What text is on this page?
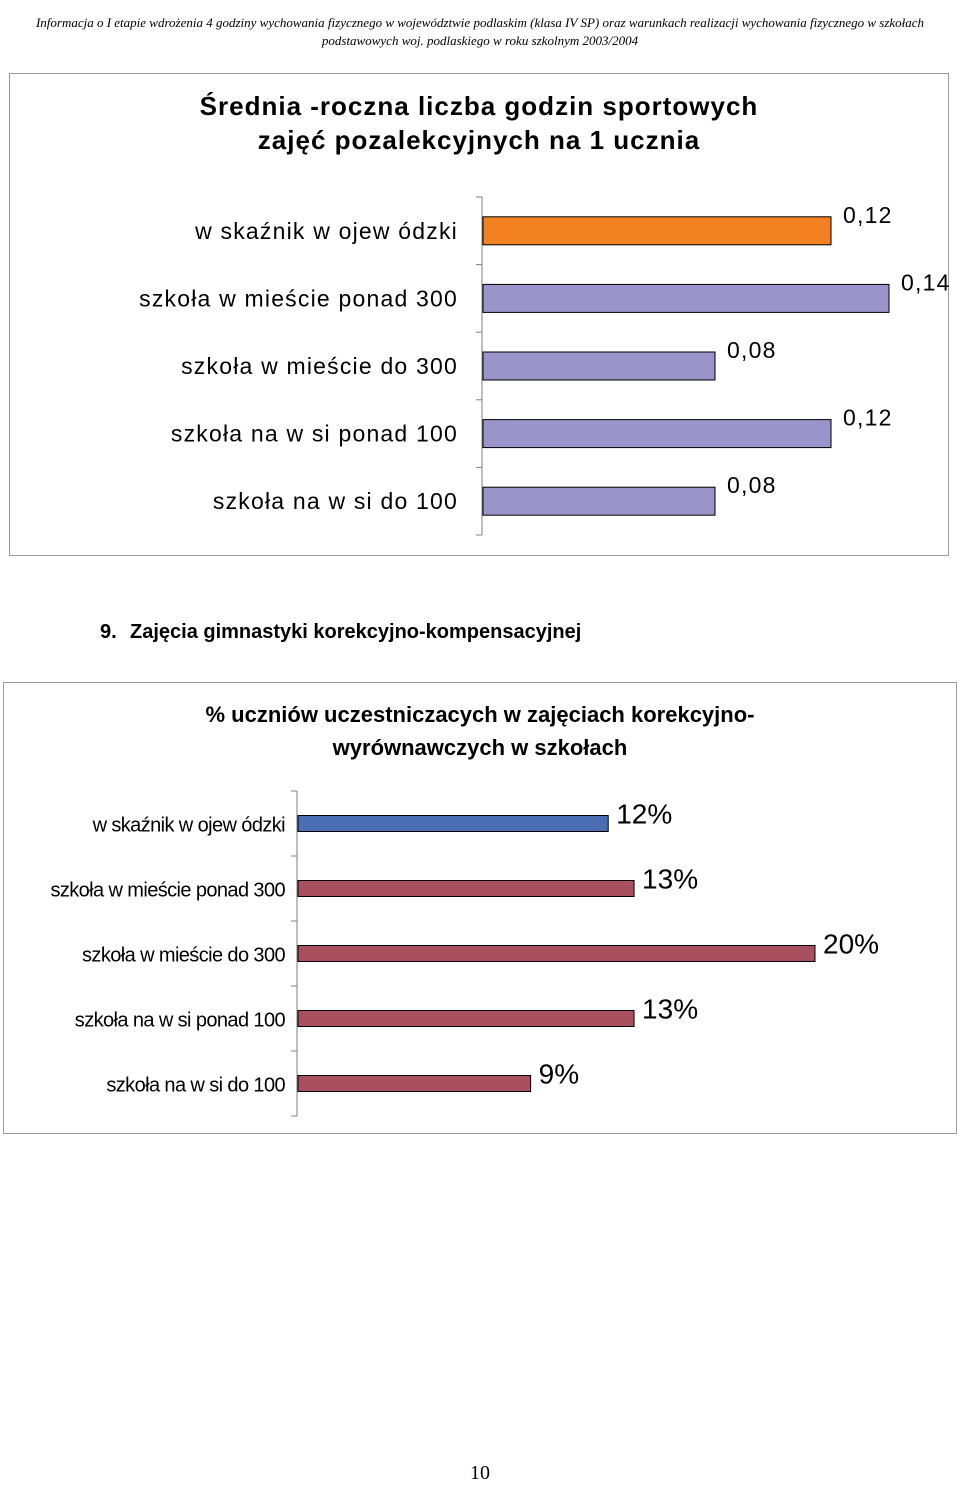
Informacja o I etapie wdrożenia 4 godziny wychowania fizycznego w województwie podlaskim (klasa IV SP) oraz warunkach realizacji wychowania fizycznego w szkołach
podstawowych woj. podlaskiego w roku szkolnym 2003/2004
Średnia -roczna liczba godzin sportowych
zajęć pozalekcyjnych na 1 ucznia
w skaźnik w ojew ódzki
0,12
szkoła w mieście ponad 300
0,14
szkoła w mieście do 300
0,08
szkoła na w si ponad 100
0,12
szkoła na w si do 100
0,08
9. Zajęcia gimnastyki korekcyjno-kompensacyjnej
% uczniów uczestniczacych w zajęciach korekcyjno-
wyrównawczych w szkołach
w skaźnik w ojew ódzki	12%
szkoła w mieście ponad 300	13%
szkoła w mieście do 300	20%
szkoła na w si ponad 100	13%
szkoła na w si do 100	9%
10
